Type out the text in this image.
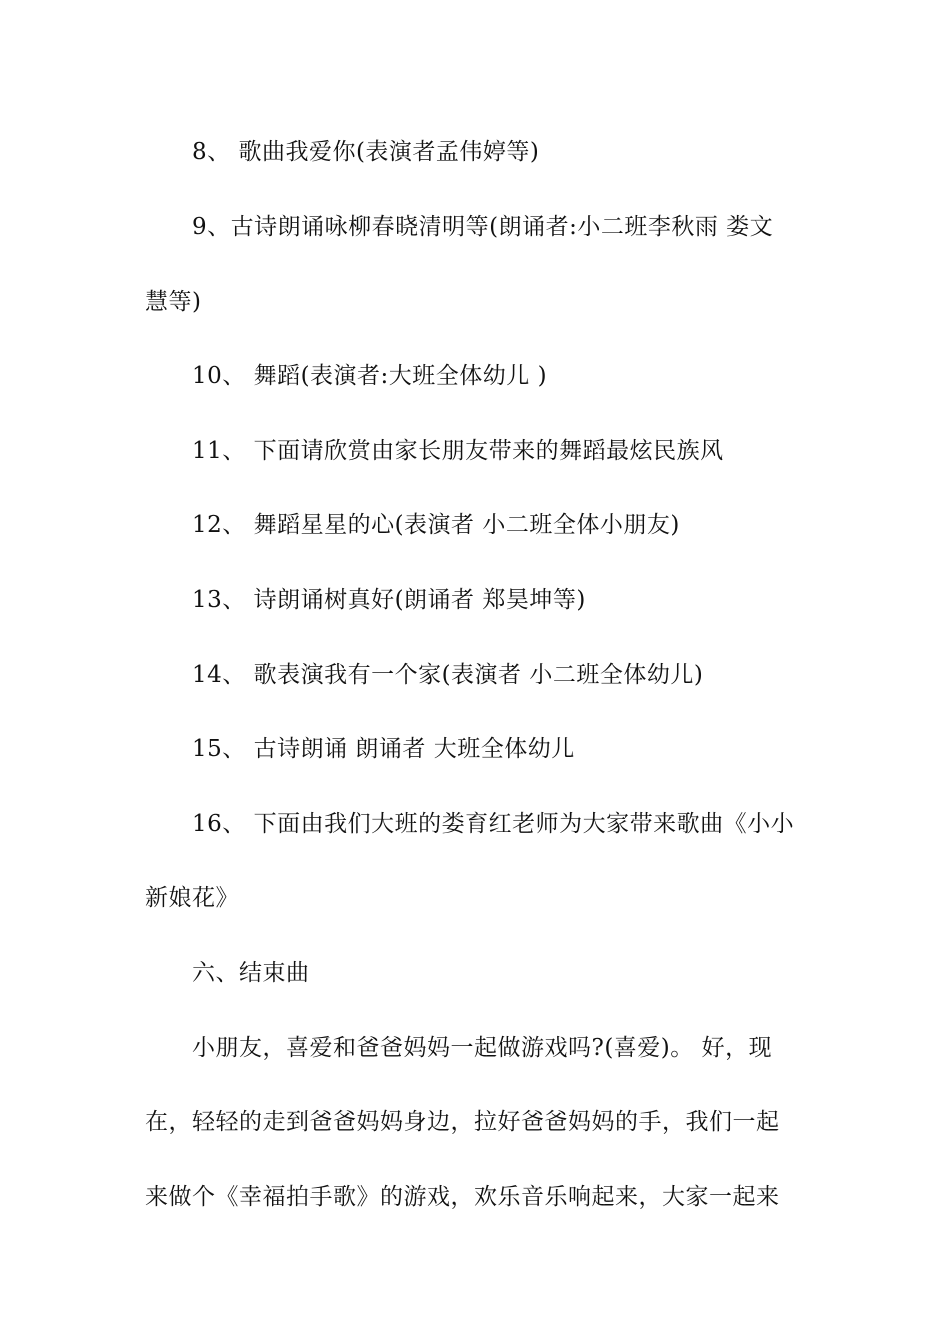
8、 歌曲我爱你(表演者孟伟婷等)
9、古诗朗诵咏柳春晓清明等(朗诵者:小二班李秋雨 娄文
慧等)
10、 舞蹈(表演者:大班全体幼儿 )
11、 下面请欣赏由家长朋友带来的舞蹈最炫民族风
12、 舞蹈星星的心(表演者 小二班全体小朋友)
13、 诗朗诵树真好(朗诵者 郑昊坤等)
14、 歌表演我有一个家(表演者 小二班全体幼儿)
15、 古诗朗诵 朗诵者 大班全体幼儿
16、 下面由我们大班的娄育红老师为大家带来歌曲《小小
新娘花》
六、结束曲
小朋友，喜爱和爸爸妈妈一起做游戏吗?(喜爱)。 好，现
在，轻轻的走到爸爸妈妈身边，拉好爸爸妈妈的手，我们一起
来做个《幸福拍手歌》的游戏，欢乐音乐响起来，大家一起来
